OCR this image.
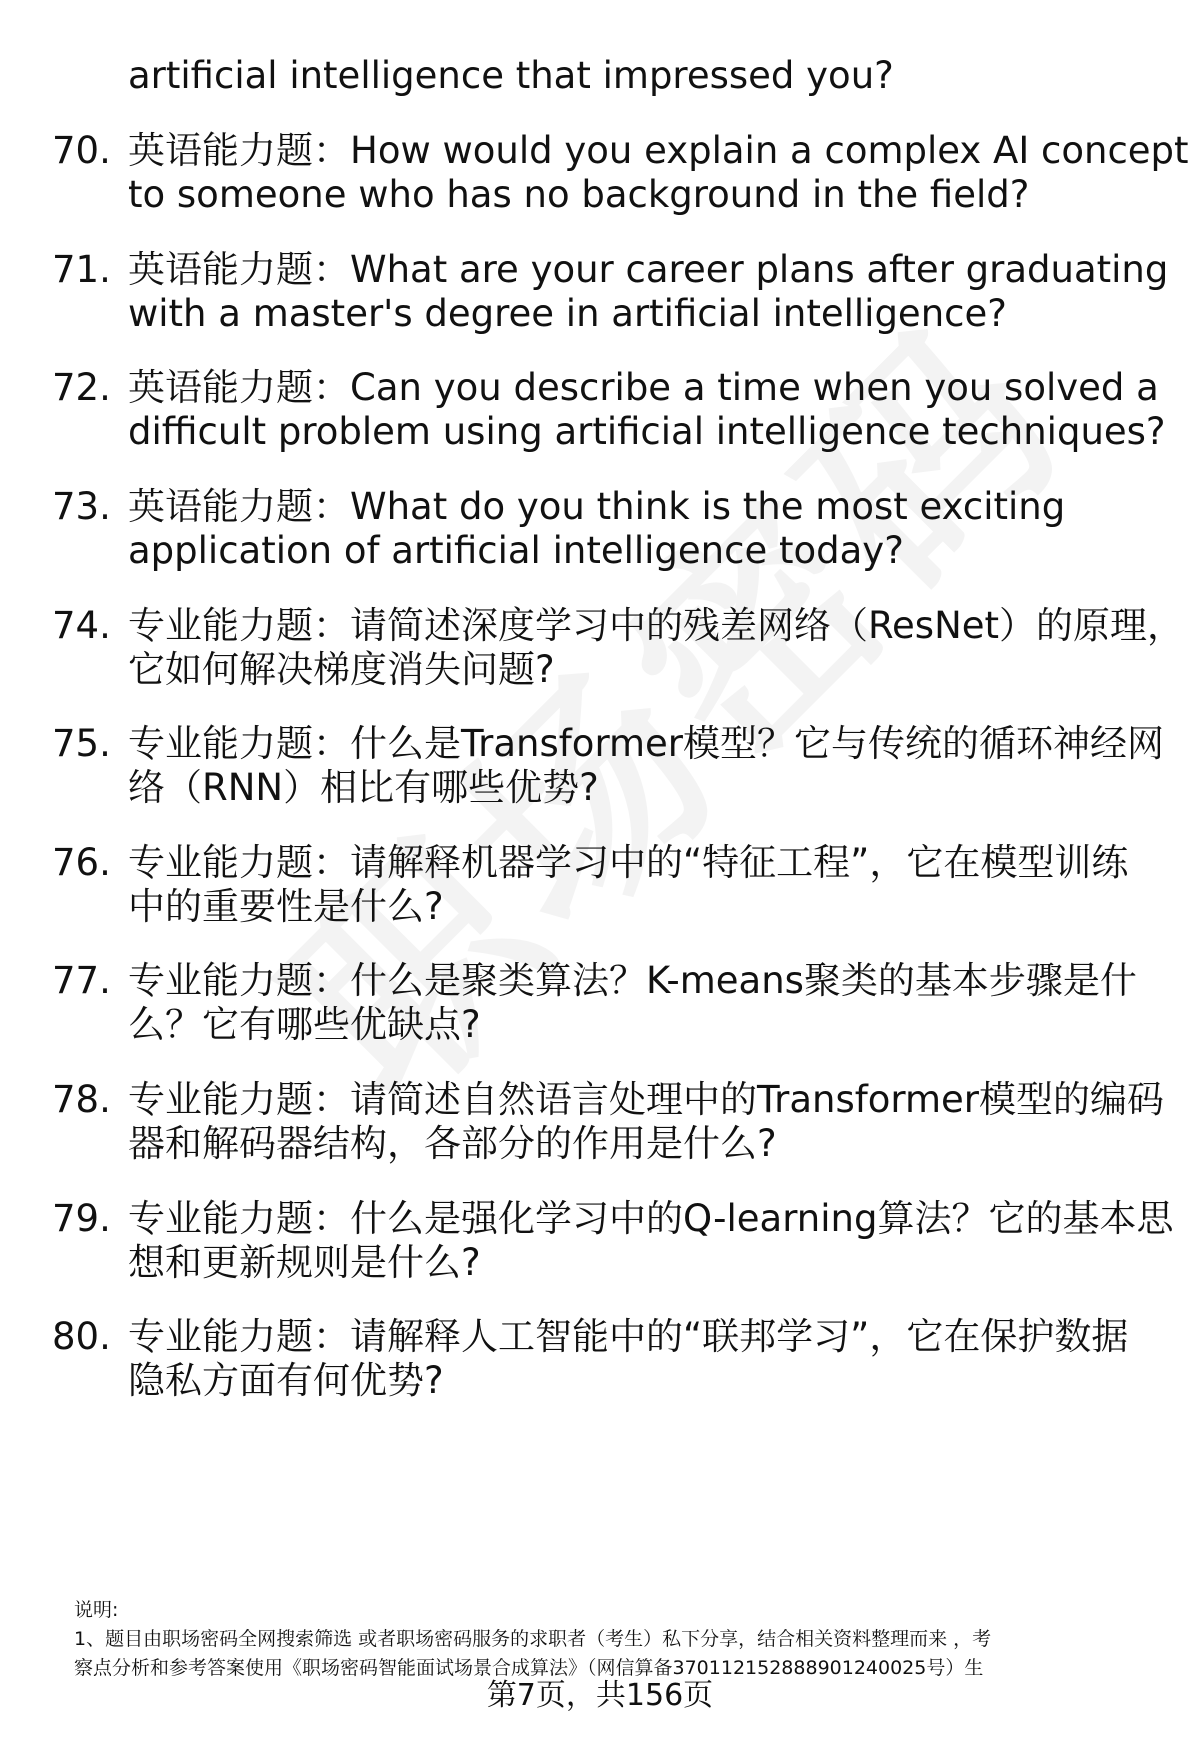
artificial intelligence that impressed you?
70. 英语能力题：How would you explain a complex AI concept
to someone who has no background in the field?
71. 英语能力题：What are your career plans after graduating
with a master's degree in artificial intelligence?
72. 英语能力题：Can you describe a time when you solved a
difficult problem using artificial intelligence techniques?
73. 英语能力题：What do you think is the most exciting
application of artificial intelligence today?
74. 专业能力题：请简述深度学习中的残差网络（ResNet）的原理，
它如何解决梯度消失问题?
75. 专业能力题：什么是Transformer模型？它与传统的循环神经网
络（RNN）相比有哪些优势?
76. 专业能力题：请解释机器学习中的“特征工程”，它在模型训练
中的重要性是什么?
77. 专业能力题：什么是聚类算法？K-means聚类的基本步骤是什
么？它有哪些优缺点?
78. 专业能力题：请简述自然语言处理中的Transformer模型的编码
器和解码器结构，各部分的作用是什么?
79. 专业能力题：什么是强化学习中的Q-learning算法？它的基本思
想和更新规则是什么?
80. 专业能力题：请解释人工智能中的“联邦学习”，它在保护数据
隐私方面有何优势?
说明:
1、题目由职场密码全网搜索筛选 或者职场密码服务的求职者（考生）私下分享，结合相关资料整理而来 ，考
察点分析和参考答案使用《职场密码智能面试场景合成算法》（网信算备370112152888901240025号）生
第7页，共156页
